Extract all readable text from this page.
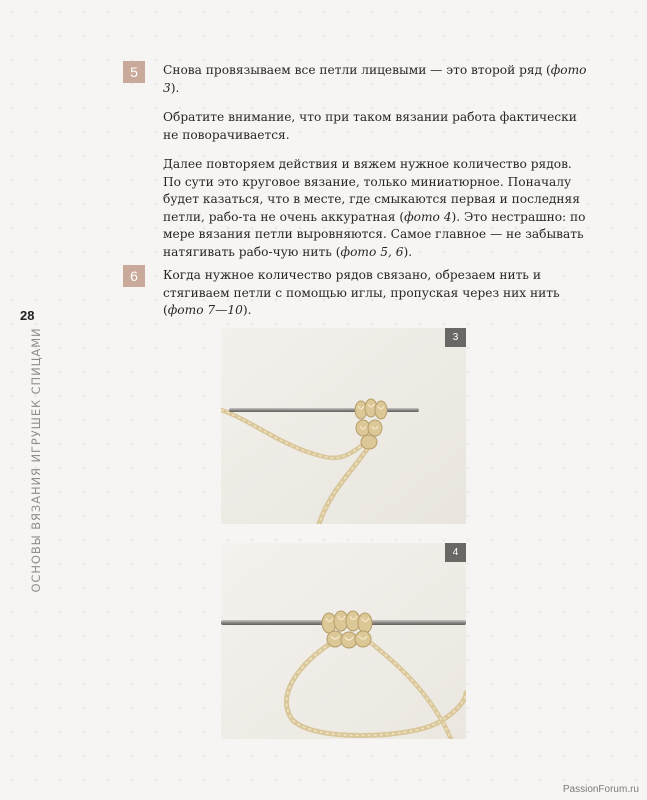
5	Снова провязываем все петли лицевыми — это второй ряд (фото 3).

Обратите внимание, что при таком вязании работа фактически не поворачивается.

Далее повторяем действия и вяжем нужное количество рядов. По сути это круговое вязание, только миниатюрное. Поначалу будет казаться, что в месте, где смыкаются первая и последняя петли, рабо-та не очень аккуратная (фото 4). Это нестрашно: по мере вязания петли выровняются. Самое главное — не забывать натягивать рабо-чую нить (фото 5, 6).

6	Когда нужное количество рядов связано, обрезаем нить и стягиваем петли с помощью иглы, пропуская через них нить (фото 7—10).

28
ОСНОВЫ ВЯЗАНИЯ ИГРУШЕК СПИЦАМИ	3
4
PassionForum.ru
